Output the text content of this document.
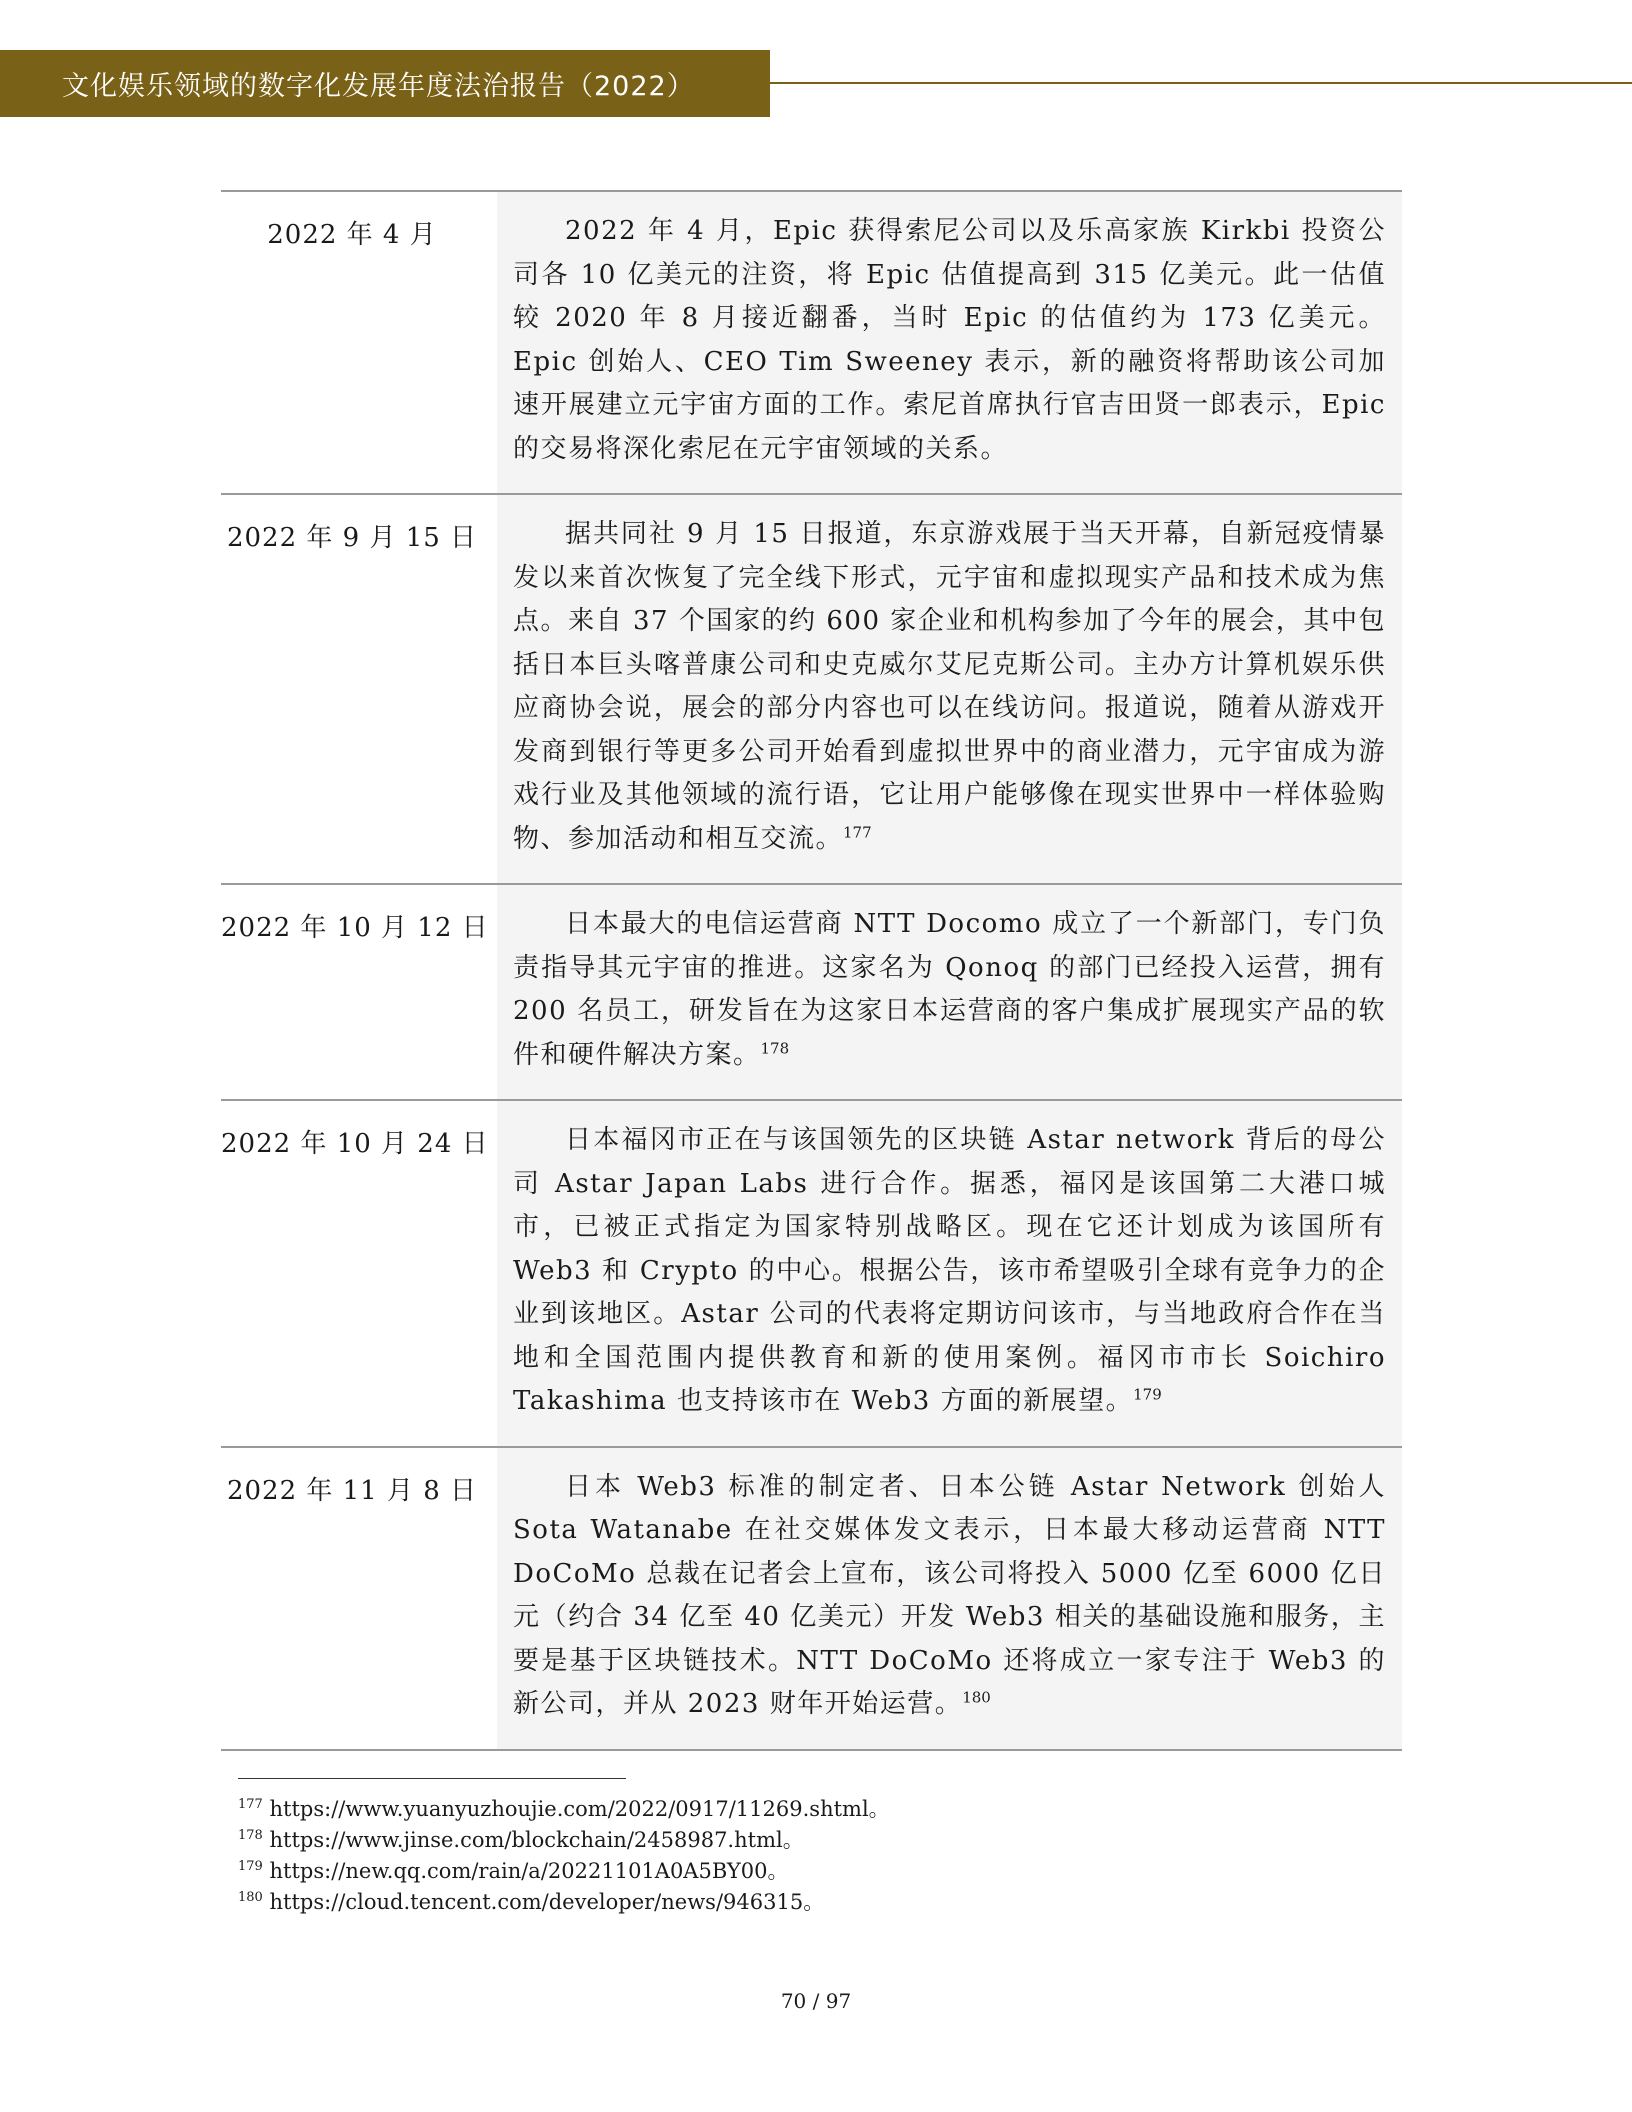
文化娱乐领域的数字化发展年度法治报告（2022）
2022 年 4 月	2022 年 4 月，Epic 获得索尼公司以及乐高家族 Kirkbi 投资公司各 10 亿美元的注资，将 Epic 估值提高到 315 亿美元。此一估值较 2020 年 8 月接近翻番，当时 Epic 的估值约为 173 亿美元。Epic 创始人、CEO Tim Sweeney 表示，新的融资将帮助该公司加速开展建立元宇宙方面的工作。索尼首席执行官吉田贤一郎表示，Epic 的交易将深化索尼在元宇宙领域的关系。
2022 年 9 月 15 日	据共同社 9 月 15 日报道，东京游戏展于当天开幕，自新冠疫情暴发以来首次恢复了完全线下形式，元宇宙和虚拟现实产品和技术成为焦点。来自 37 个国家的约 600 家企业和机构参加了今年的展会，其中包括日本巨头喀普康公司和史克威尔艾尼克斯公司。主办方计算机娱乐供应商协会说，展会的部分内容也可以在线访问。报道说，随着从游戏开发商到银行等更多公司开始看到虚拟世界中的商业潜力，元宇宙成为游戏行业及其他领域的流行语，它让用户能够像在现实世界中一样体验购物、参加活动和相互交流。$^{177}$
2022 年 10 月 12 日	日本最大的电信运营商 NTT Docomo 成立了一个新部门，专门负责指导其元宇宙的推进。这家名为 Qonoq 的部门已经投入运营，拥有 200 名员工，研发旨在为这家日本运营商的客户集成扩展现实产品的软件和硬件解决方案。$^{178}$
2022 年 10 月 24 日	日本福冈市正在与该国领先的区块链 Astar network 背后的母公司 Astar Japan Labs 进行合作。据悉，福冈是该国第二大港口城市，已被正式指定为国家特别战略区。现在它还计划成为该国所有 Web3 和 Crypto 的中心。根据公告，该市希望吸引全球有竞争力的企业到该地区。Astar 公司的代表将定期访问该市，与当地政府合作在当地和全国范围内提供教育和新的使用案例。福冈市市长 Soichiro Takashima 也支持该市在 Web3 方面的新展望。$^{179}$
2022 年 11 月 8 日	日本 Web3 标准的制定者、日本公链 Astar Network 创始人 Sota Watanabe 在社交媒体发文表示，日本最大移动运营商 NTT DoCoMo 总裁在记者会上宣布，该公司将投入 5000 亿至 6000 亿日元（约合 34 亿至 40 亿美元）开发 Web3 相关的基础设施和服务，主要是基于区块链技术。NTT DoCoMo 还将成立一家专注于 Web3 的新公司，并从 2023 财年开始运营。$^{180}$
$^{177}$ https://www.yuanyuzhoujie.com/2022/0917/11269.shtml。
$^{178}$ https://www.jinse.com/blockchain/2458987.html。
$^{179}$ https://new.qq.com/rain/a/20221101A0A5BY00。
$^{180}$ https://cloud.tencent.com/developer/news/946315。
70 / 97
